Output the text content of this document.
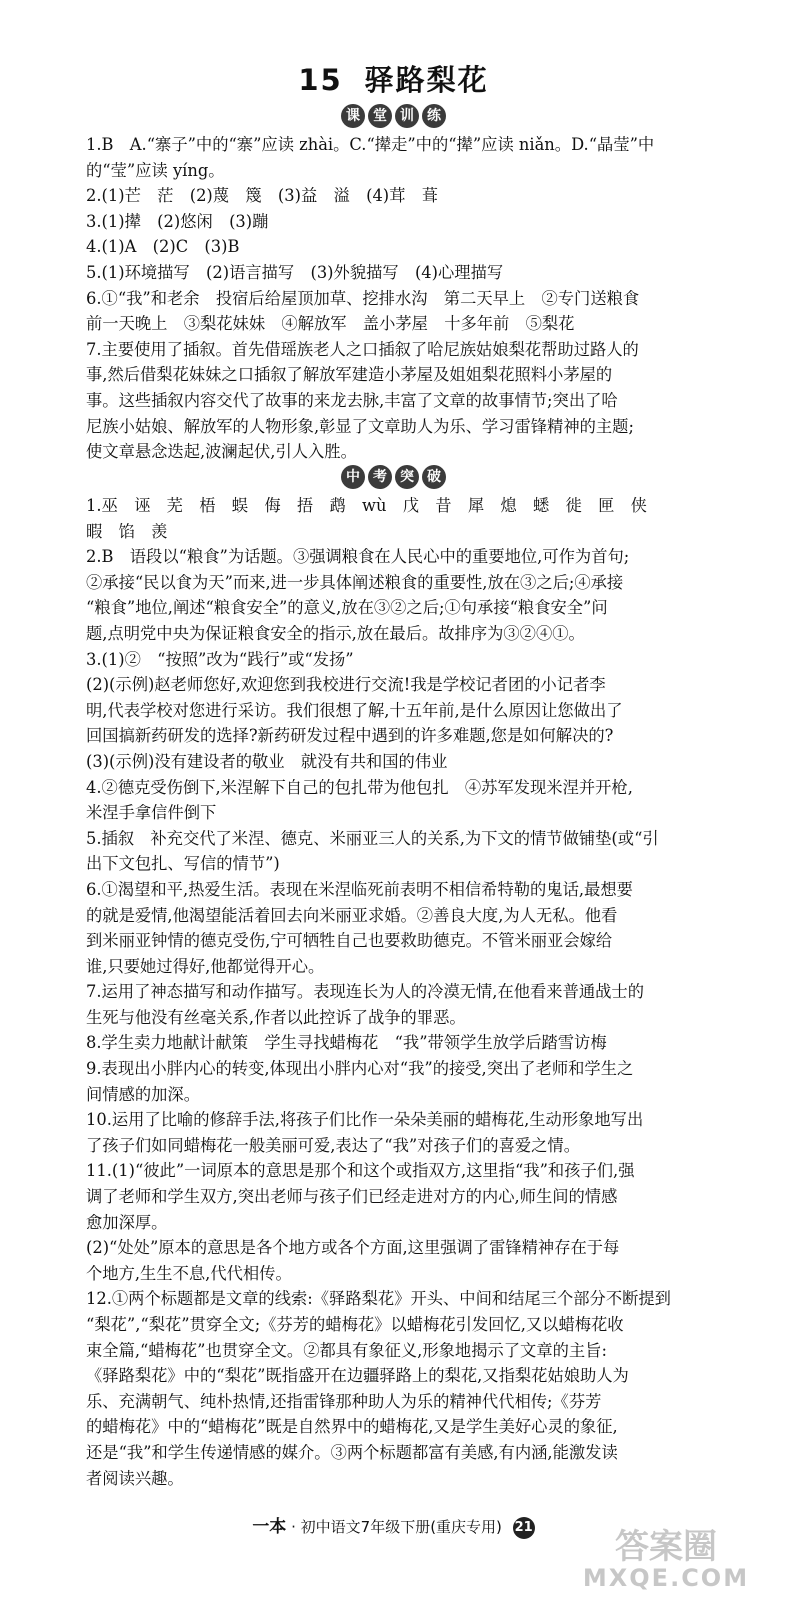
15 驿路梨花
课 堂 训 练
1.B　A.“寨子”中的“寨”应读 zhài。C.“撵走”中的“撵”应读 niǎn。D.“晶莹”中
的“莹”应读 yíng。
2.(1)芒　茫　(2)蔑　篾　(3)益　溢　(4)茸　葺
3.(1)撵　(2)悠闲　(3)蹦
4.(1)A　(2)C　(3)B
5.(1)环境描写　(2)语言描写　(3)外貌描写　(4)心理描写
6.①“我”和老余　投宿后给屋顶加草、挖排水沟　第二天早上　②专门送粮食
前一天晚上　③梨花妹妹　④解放军　盖小茅屋　十多年前　⑤梨花
7.主要使用了插叙。首先借瑶族老人之口插叙了哈尼族姑娘梨花帮助过路人的
事,然后借梨花妹妹之口插叙了解放军建造小茅屋及姐姐梨花照料小茅屋的
事。这些插叙内容交代了故事的来龙去脉,丰富了文章的故事情节;突出了哈
尼族小姑娘、解放军的人物形象,彰显了文章助人为乐、学习雷锋精神的主题;
使文章悬念迭起,波澜起伏,引人入胜。
中 考 突 破
1.巫　诬　芜　梧　蜈　侮　捂　鹉　wù　戊　昔　犀　熄　蟋　徙　匣　侠
暇　馅　羡
2.B　语段以“粮食”为话题。③强调粮食在人民心中的重要地位,可作为首句;
②承接“民以食为天”而来,进一步具体阐述粮食的重要性,放在③之后;④承接
“粮食”地位,阐述“粮食安全”的意义,放在③②之后;①句承接“粮食安全”问
题,点明党中央为保证粮食安全的指示,放在最后。故排序为③②④①。
3.(1)②　“按照”改为“践行”或“发扬”
(2)(示例)赵老师您好,欢迎您到我校进行交流!我是学校记者团的小记者李
明,代表学校对您进行采访。我们很想了解,十五年前,是什么原因让您做出了
回国搞新药研发的选择?新药研发过程中遇到的许多难题,您是如何解决的?
(3)(示例)没有建设者的敬业　就没有共和国的伟业
4.②德克受伤倒下,米涅解下自己的包扎带为他包扎　④苏军发现米涅并开枪,
米涅手拿信件倒下
5.插叙　补充交代了米涅、德克、米丽亚三人的关系,为下文的情节做铺垫(或“引
出下文包扎、写信的情节”)
6.①渴望和平,热爱生活。表现在米涅临死前表明不相信希特勒的鬼话,最想要
的就是爱情,他渴望能活着回去向米丽亚求婚。②善良大度,为人无私。他看
到米丽亚钟情的德克受伤,宁可牺牲自己也要救助德克。不管米丽亚会嫁给
谁,只要她过得好,他都觉得开心。
7.运用了神态描写和动作描写。表现连长为人的冷漠无情,在他看来普通战士的
生死与他没有丝毫关系,作者以此控诉了战争的罪恶。
8.学生卖力地献计献策　学生寻找蜡梅花　“我”带领学生放学后踏雪访梅
9.表现出小胖内心的转变,体现出小胖内心对“我”的接受,突出了老师和学生之
间情感的加深。
10.运用了比喻的修辞手法,将孩子们比作一朵朵美丽的蜡梅花,生动形象地写出
了孩子们如同蜡梅花一般美丽可爱,表达了“我”对孩子们的喜爱之情。
11.(1)“彼此”一词原本的意思是那个和这个或指双方,这里指“我”和孩子们,强
调了老师和学生双方,突出老师与孩子们已经走进对方的内心,师生间的情感
愈加深厚。
(2)“处处”原本的意思是各个地方或各个方面,这里强调了雷锋精神存在于每
个地方,生生不息,代代相传。
12.①两个标题都是文章的线索:《驿路梨花》开头、中间和结尾三个部分不断提到
“梨花”,“梨花”贯穿全文;《芬芳的蜡梅花》以蜡梅花引发回忆,又以蜡梅花收
束全篇,“蜡梅花”也贯穿全文。②都具有象征义,形象地揭示了文章的主旨:
《驿路梨花》中的“梨花”既指盛开在边疆驿路上的梨花,又指梨花姑娘助人为
乐、充满朝气、纯朴热情,还指雷锋那种助人为乐的精神代代相传;《芬芳
的蜡梅花》中的“蜡梅花”既是自然界中的蜡梅花,又是学生美好心灵的象征,
还是“我”和学生传递情感的媒介。③两个标题都富有美感,有内涵,能激发读
者阅读兴趣。
一本 · 初中语文7年级下册(重庆专用) 21	答案圈
MXQE.COM
